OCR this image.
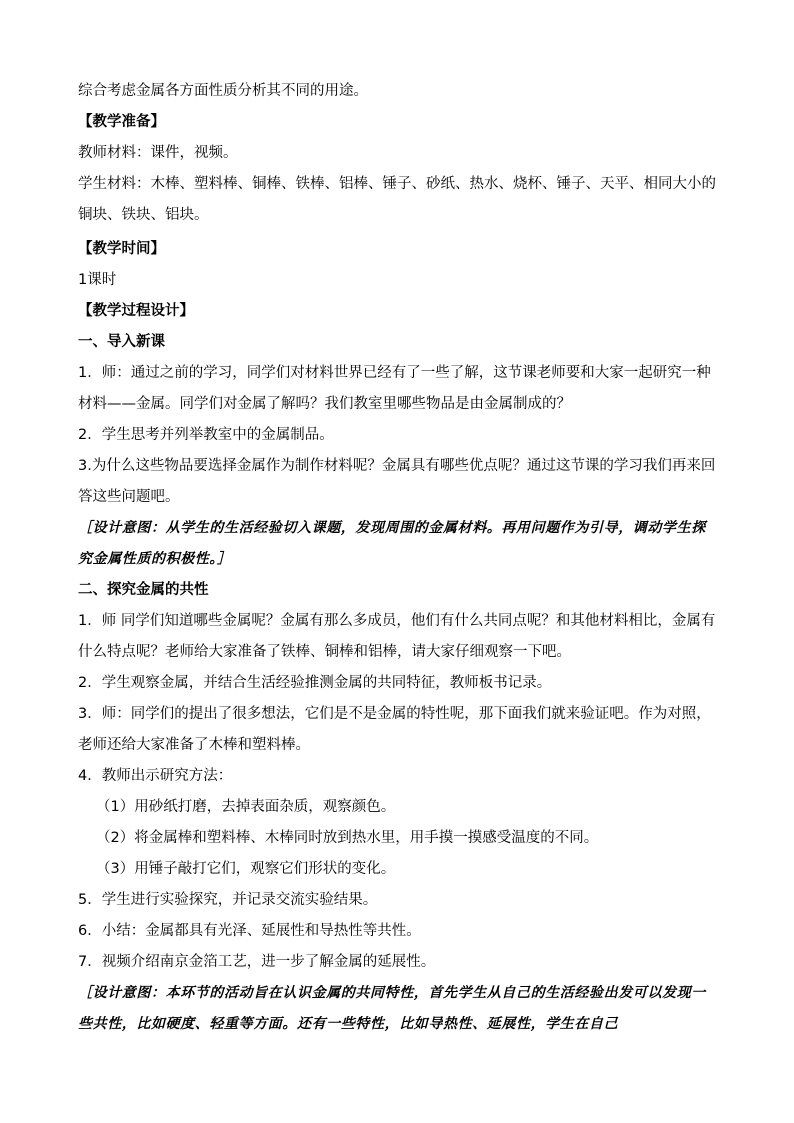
综合考虑金属各方面性质分析其不同的用途。

【教学准备】

教师材料：课件，视频。

学生材料：木棒、塑料棒、铜棒、铁棒、铝棒、锤子、砂纸、热水、烧杯、锤子、天平、相同大小的铜块、铁块、铝块。

【教学时间】

1课时

【教学过程设计】

一、导入新课

1．师：通过之前的学习，同学们对材料世界已经有了一些了解，这节课老师要和大家一起研究一种材料——金属。同学们对金属了解吗？我们教室里哪些物品是由金属制成的？

2．学生思考并列举教室中的金属制品。

3.为什么这些物品要选择金属作为制作材料呢？金属具有哪些优点呢？通过这节课的学习我们再来回答这些问题吧。

［设计意图：从学生的生活经验切入课题，发现周围的金属材料。再用问题作为引导，调动学生探究金属性质的积极性。］

二、探究金属的共性

1．师 同学们知道哪些金属呢？金属有那么多成员，他们有什么共同点呢？和其他材料相比，金属有什么特点呢？老师给大家准备了铁棒、铜棒和铝棒，请大家仔细观察一下吧。

2．学生观察金属，并结合生活经验推测金属的共同特征，教师板书记录。

3．师：同学们的提出了很多想法，它们是不是金属的特性呢，那下面我们就来验证吧。作为对照，老师还给大家准备了木棒和塑料棒。

4．教师出示研究方法：

（1）用砂纸打磨，去掉表面杂质，观察颜色。

（2）将金属棒和塑料棒、木棒同时放到热水里，用手摸一摸感受温度的不同。

（3）用锤子敲打它们，观察它们形状的变化。

5．学生进行实验探究，并记录交流实验结果。

6．小结：金属都具有光泽、延展性和导热性等共性。

7．视频介绍南京金箔工艺，进一步了解金属的延展性。

［设计意图：本环节的活动旨在认识金属的共同特性，首先学生从自己的生活经验出发可以发现一些共性，比如硬度、轻重等方面。还有一些特性，比如导热性、延展性，学生在自己
